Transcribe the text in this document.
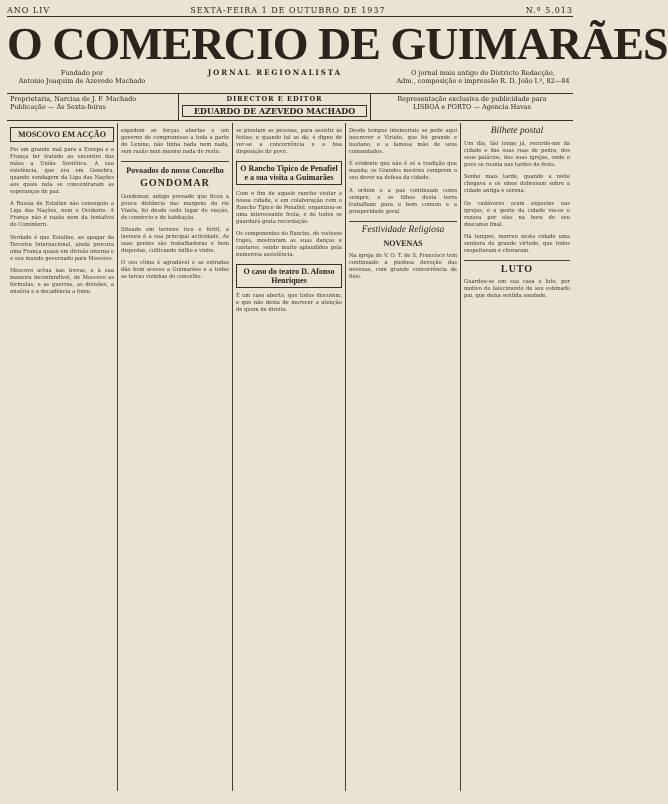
ANO LIV	SEXTA-FEIRA 1 DE OUTUBRO DE 1937	N.º 5.013
O COMERCIO DE GUIMARÃES
Fundado por
Antonio Joaquim de Azevedo Machado
JORNAL REGIONALISTA	O jornal mais antigo do Districto Redacção,
Adm., composição e impressão R. D. João I.º, 82—84
Proprietaria, Narcisa de J. F. Machado
Publicação — Ás Sexta-feiras
DIRECTOR E EDITOR
EDUARDO DE AZEVEDO MACHADO
Representação exclusiva de publicidade para
LISBOA e PORTO — Agencia Havas
MOSCOVO EM ACÇÃO

Foi um grande mal para a Europa e a França ter tratado ao encontro das mãos a União Soviética. A sua existência, que era em Genebra, quando sondagem da Liga das Nações aos quais nela se concentraram as esperanças de paz.

A Russia de Estaline não conseguiu a Liga das Nações, nem o Ocidente. A França não é razão nem da tentativa do Comintern.

Verdade é que Estaline, ao apagar da Terceira Internacional, ainda procura uma França quase em divisão interna e o seu mundo governado para Moscovo.

Moscovo actua nas trevas, e à sua maneira inconfundível, de Moscovo as fórmulas, e as guerras, as divisões, a miséria e a decadência a fome.

expedem as forças abertas e um governo de compromisso a toda a parte do Lenine, não tinha nada nem nada, sem razão nem mesmo nada de resto.

Povoados do nosso Concelho
GONDOMAR

Gondomar, antigo povoado que ficou a pouca distância das margens do rio Vizela, foi desde cedo lugar de viação, de comércio e de habitação.

Situado em terreno rico e fértil, a lavoura é a sua principal actividade. As suas gentes são trabalhadoras e bem dispostas, cultivando milho e vinho.

O seu clima é agradável e as estradas dão bom acesso a Guimarães e a todas as terras vizinhas do concelho.

se prestam as pessoas, para assistir às festas; e quando tal se dá, é digno de ver-se a concorrência e a boa disposição do povo.

O Rancho Tipico de Penafiel e a sua visita a Guimarães

Com o fim de aquele rancho visitar a nossa cidade, e em colaboração com o Rancho Típico de Penafiel, organizou-se uma interessante festa, e de todos se guardará grata recordação.

Os componentes do Rancho, de vistosos trajes, mostraram as suas danças e cantares, sendo muito aplaudidos pela numerosa assistência.

O caso do teatro D. Afonso Henriques

É um caso aberto, que todos discutem, e que não deixa de merecer a atenção de quem de direito.

Desde tempos imemoriais se pode aqui inscrever o Viriato, que foi grande e lusitano, e a famosa mão de seus comandados.

É evidente que não é só a tradição que manda; os Grandes mestres cumprem o seu dever na defesa da cidade.

A ordem e a paz continuam como sempre, e os filhos desta terra trabalham para o bem comum e a prosperidade geral.

Festividade Religiosa
NOVENAS

Na igreja do V. O. T. de S. Francisco tem continuado a piedosa devoção das novenas, com grande concorrência de fiéis.

Bilhete postal

Um dia, tão longe já, recordo-me da cidade e das suas ruas de pedra, dos seus palácios, das suas igrejas, onde o povo se reunia nas tardes de festa.

Sonhe mais tarde, quando a noite chegava e os sinos dobravam sobre a cidade antiga e serena.

Os cadáveres eram expostos nas igrejas, e a gente da cidade via-os e rezava por eles na hora do seu descanso final.

Há tempos, morreu nesta cidade uma senhora de grande virtude, que todos respeitavam e choraram.

LUTO

Guardou-se em sua casa o luto, por motivo do falecimento de seu estimado pai, que deixa sentida saudade.
